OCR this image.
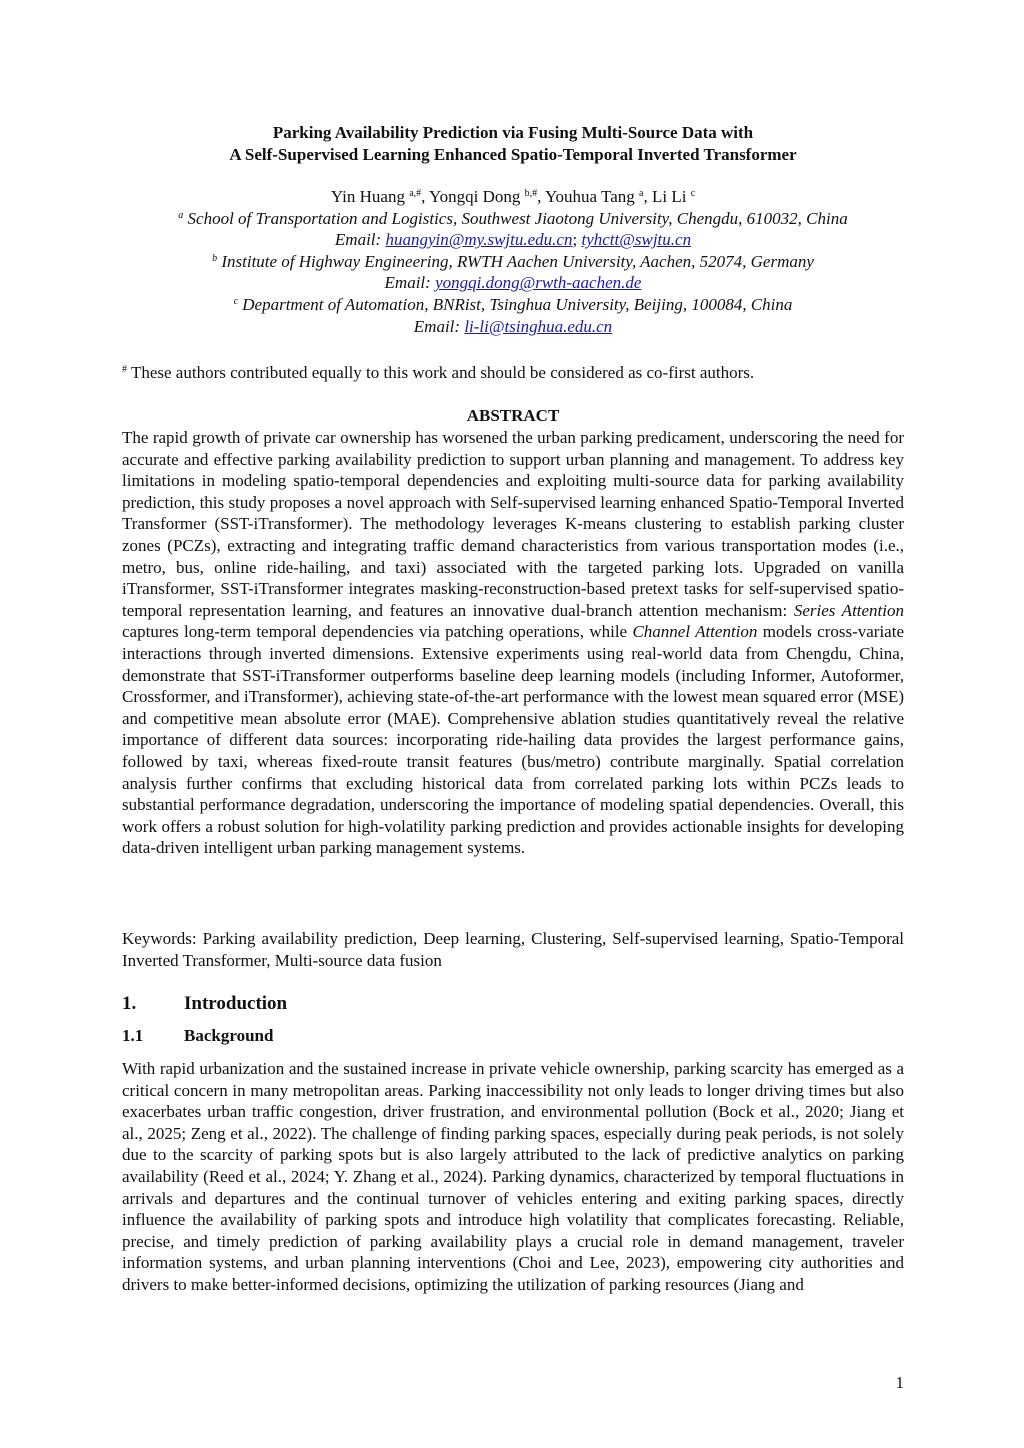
Parking Availability Prediction via Fusing Multi-Source Data with
A Self-Supervised Learning Enhanced Spatio-Temporal Inverted Transformer
Yin Huang $^{a,\#}$, Yongqi Dong $^{b,\#}$, Youhua Tang $^a$, Li Li $^c$
$^a$ School of Transportation and Logistics, Southwest Jiaotong University, Chengdu, 610032, China
Email: huangyin@my.swjtu.edu.cn; tyhctt@swjtu.cn
$^b$ Institute of Highway Engineering, RWTH Aachen University, Aachen, 52074, Germany
Email: yongqi.dong@rwth-aachen.de
$^c$ Department of Automation, BNRist, Tsinghua University, Beijing, 100084, China
Email: li-li@tsinghua.edu.cn
# These authors contributed equally to this work and should be considered as co-first authors.
ABSTRACT
The rapid growth of private car ownership has worsened the urban parking predicament, underscoring the need for accurate and effective parking availability prediction to support urban planning and management. To address key limitations in modeling spatio-temporal dependencies and exploiting multi-source data for parking availability prediction, this study proposes a novel approach with Self-supervised learning enhanced Spatio-Temporal Inverted Transformer (SST-iTransformer). The methodology leverages K-means clustering to establish parking cluster zones (PCZs), extracting and integrating traffic demand characteristics from various transportation modes (i.e., metro, bus, online ride-hailing, and taxi) associated with the targeted parking lots. Upgraded on vanilla iTransformer, SST-iTransformer integrates masking-reconstruction-based pretext tasks for self-supervised spatio-temporal representation learning, and features an innovative dual-branch attention mechanism: Series Attention captures long-term temporal dependencies via patching operations, while Channel Attention models cross-variate interactions through inverted dimensions. Extensive experiments using real-world data from Chengdu, China, demonstrate that SST-iTransformer outperforms baseline deep learning models (including Informer, Autoformer, Crossformer, and iTransformer), achieving state-of-the-art performance with the lowest mean squared error (MSE) and competitive mean absolute error (MAE). Comprehensive ablation studies quantitatively reveal the relative importance of different data sources: incorporating ride-hailing data provides the largest performance gains, followed by taxi, whereas fixed-route transit features (bus/metro) contribute marginally. Spatial correlation analysis further confirms that excluding historical data from correlated parking lots within PCZs leads to substantial performance degradation, underscoring the importance of modeling spatial dependencies. Overall, this work offers a robust solution for high-volatility parking prediction and provides actionable insights for developing data-driven intelligent urban parking management systems.
Keywords: Parking availability prediction, Deep learning, Clustering, Self-supervised learning, Spatio-Temporal Inverted Transformer, Multi-source data fusion
1.	Introduction
1.1 Background
With rapid urbanization and the sustained increase in private vehicle ownership, parking scarcity has emerged as a critical concern in many metropolitan areas. Parking inaccessibility not only leads to longer driving times but also exacerbates urban traffic congestion, driver frustration, and environmental pollution (Bock et al., 2020; Jiang et al., 2025; Zeng et al., 2022). The challenge of finding parking spaces, especially during peak periods, is not solely due to the scarcity of parking spots but is also largely attributed to the lack of predictive analytics on parking availability (Reed et al., 2024; Y. Zhang et al., 2024). Parking dynamics, characterized by temporal fluctuations in arrivals and departures and the continual turnover of vehicles entering and exiting parking spaces, directly influence the availability of parking spots and introduce high volatility that complicates forecasting. Reliable, precise, and timely prediction of parking availability plays a crucial role in demand management, traveler information systems, and urban planning interventions (Choi and Lee, 2023), empowering city authorities and drivers to make better-informed decisions, optimizing the utilization of parking resources (Jiang and
1
